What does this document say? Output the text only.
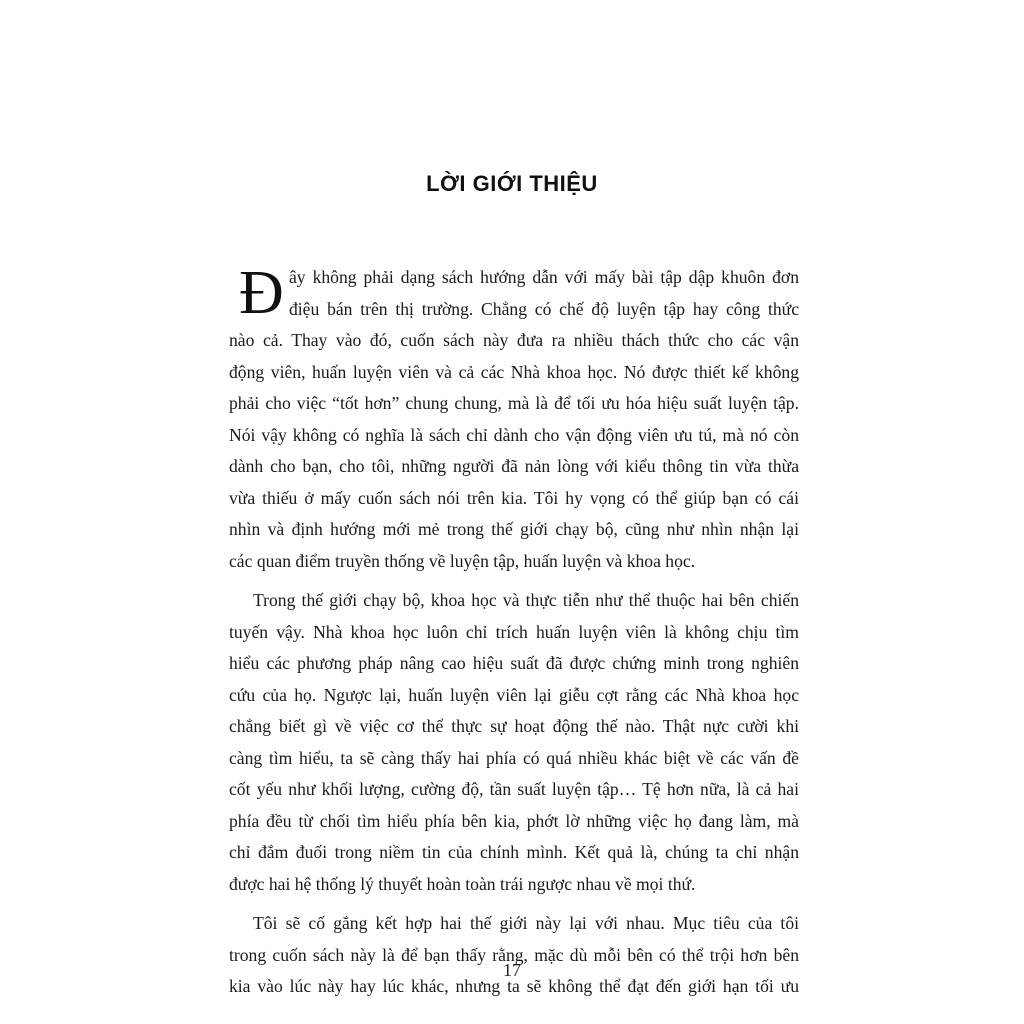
LỜI GIỚI THIỆU
Đ ây không phải dạng sách hướng dẫn với mấy bài tập dập khuôn đơn
điệu bán trên thị trường. Chẳng có chế độ luyện tập hay công thức
nào cả. Thay vào đó, cuốn sách này đưa ra nhiều thách thức cho các vận
động viên, huấn luyện viên và cả các Nhà khoa học. Nó được thiết kế không
phải cho việc “tốt hơn” chung chung, mà là để tối ưu hóa hiệu suất luyện tập.
Nói vậy không có nghĩa là sách chỉ dành cho vận động viên ưu tú, mà nó còn
dành cho bạn, cho tôi, những người đã nản lòng với kiểu thông tin vừa thừa
vừa thiếu ở mấy cuốn sách nói trên kia. Tôi hy vọng có thể giúp bạn có cái
nhìn và định hướng mới mẻ trong thế giới chạy bộ, cũng như nhìn nhận lại
các quan điểm truyền thống về luyện tập, huấn luyện và khoa học.
Trong thế giới chạy bộ, khoa học và thực tiễn như thể thuộc hai bên chiến
tuyến vậy. Nhà khoa học luôn chỉ trích huấn luyện viên là không chịu tìm
hiểu các phương pháp nâng cao hiệu suất đã được chứng minh trong nghiên
cứu của họ. Ngược lại, huấn luyện viên lại giễu cợt rằng các Nhà khoa học
chẳng biết gì về việc cơ thể thực sự hoạt động thế nào. Thật nực cười khi
càng tìm hiểu, ta sẽ càng thấy hai phía có quá nhiều khác biệt về các vấn đề
cốt yếu như khối lượng, cường độ, tần suất luyện tập… Tệ hơn nữa, là cả hai
phía đều từ chối tìm hiểu phía bên kia, phớt lờ những việc họ đang làm, mà
chỉ đắm đuối trong niềm tin của chính mình. Kết quả là, chúng ta chỉ nhận
được hai hệ thống lý thuyết hoàn toàn trái ngược nhau về mọi thứ.
Tôi sẽ cố gắng kết hợp hai thế giới này lại với nhau. Mục tiêu của tôi
trong cuốn sách này là để bạn thấy rằng, mặc dù mỗi bên có thể trội hơn bên
kia vào lúc này hay lúc khác, nhưng ta sẽ không thể đạt đến giới hạn tối ưu
17
